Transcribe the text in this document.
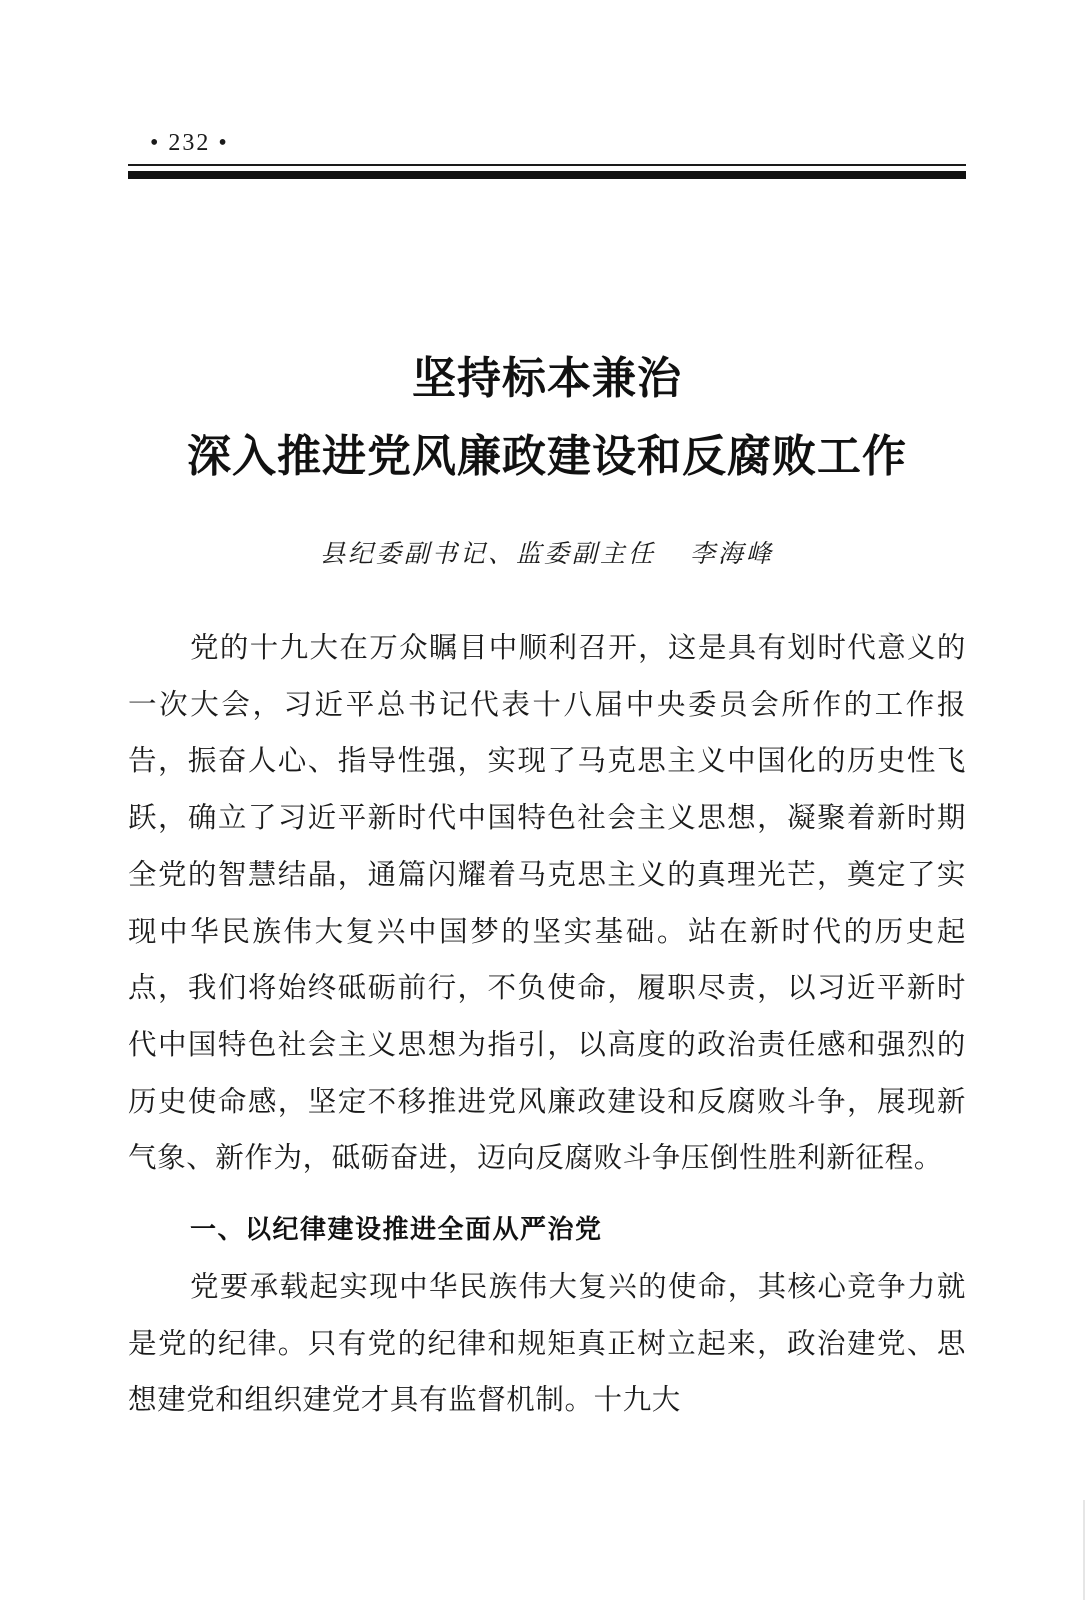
• 232 •
坚持标本兼治
深入推进党风廉政建设和反腐败工作
县纪委副书记、监委副主任 李海峰

党的十九大在万众瞩目中顺利召开，这是具有划时代意义的一次大会，习近平总书记代表十八届中央委员会所作的工作报告，振奋人心、指导性强，实现了马克思主义中国化的历史性飞跃，确立了习近平新时代中国特色社会主义思想，凝聚着新时期全党的智慧结晶，通篇闪耀着马克思主义的真理光芒，奠定了实现中华民族伟大复兴中国梦的坚实基础。站在新时代的历史起点，我们将始终砥砺前行，不负使命，履职尽责，以习近平新时代中国特色社会主义思想为指引，以高度的政治责任感和强烈的历史使命感，坚定不移推进党风廉政建设和反腐败斗争，展现新气象、新作为，砥砺奋进，迈向反腐败斗争压倒性胜利新征程。

一、以纪律建设推进全面从严治党

党要承载起实现中华民族伟大复兴的使命，其核心竞争力就是党的纪律。只有党的纪律和规矩真正树立起来，政治建党、思想建党和组织建党才具有监督机制。十九大
